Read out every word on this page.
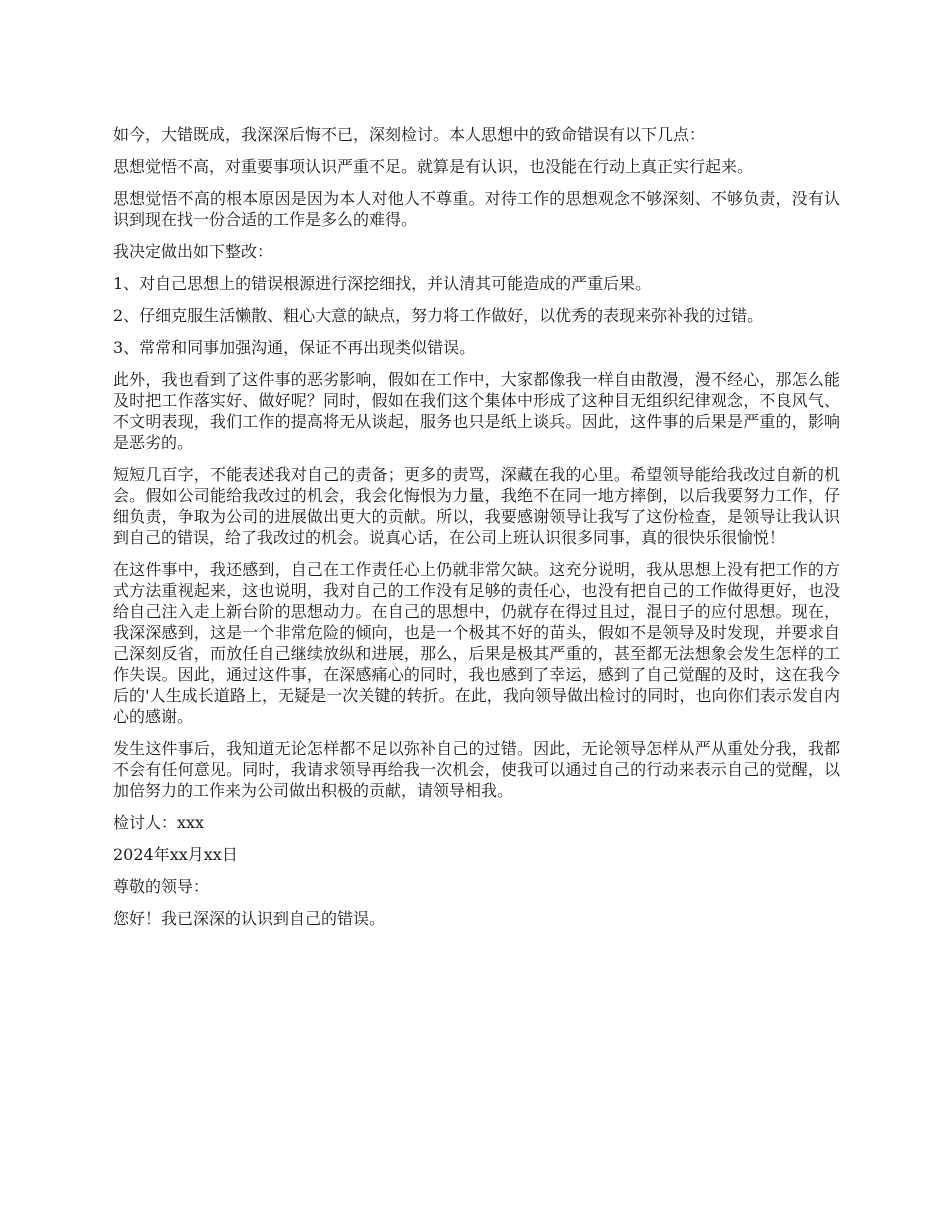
如今，大错既成，我深深后悔不已，深刻检讨。本人思想中的致命错误有以下几点：

思想觉悟不高，对重要事项认识严重不足。就算是有认识，也没能在行动上真正实行起来。

思想觉悟不高的根本原因是因为本人对他人不尊重。对待工作的思想观念不够深刻、不够负责，没有认识到现在找一份合适的工作是多么的难得。

我决定做出如下整改：

1、对自己思想上的错误根源进行深挖细找，并认清其可能造成的严重后果。

2、仔细克服生活懒散、粗心大意的缺点，努力将工作做好，以优秀的表现来弥补我的过错。

3、常常和同事加强沟通，保证不再出现类似错误。

此外，我也看到了这件事的恶劣影响，假如在工作中，大家都像我一样自由散漫，漫不经心，那怎么能及时把工作落实好、做好呢？同时，假如在我们这个集体中形成了这种目无组织纪律观念，不良风气、不文明表现，我们工作的提高将无从谈起，服务也只是纸上谈兵。因此，这件事的后果是严重的，影响是恶劣的。

短短几百字，不能表述我对自己的责备；更多的责骂，深藏在我的心里。希望领导能给我改过自新的机会。假如公司能给我改过的机会，我会化悔恨为力量，我绝不在同一地方摔倒，以后我要努力工作，仔细负责，争取为公司的进展做出更大的贡献。所以，我要感谢领导让我写了这份检查，是领导让我认识到自己的错误，给了我改过的机会。说真心话，在公司上班认识很多同事，真的很快乐很愉悦！

在这件事中，我还感到，自己在工作责任心上仍就非常欠缺。这充分说明，我从思想上没有把工作的方式方法重视起来，这也说明，我对自己的工作没有足够的责任心，也没有把自己的工作做得更好，也没给自己注入走上新台阶的思想动力。在自己的思想中，仍就存在得过且过，混日子的应付思想。现在，我深深感到，这是一个非常危险的倾向，也是一个极其不好的苗头，假如不是领导及时发现，并要求自己深刻反省，而放任自己继续放纵和进展，那么，后果是极其严重的，甚至都无法想象会发生怎样的工作失误。因此，通过这件事，在深感痛心的同时，我也感到了幸运，感到了自己觉醒的及时，这在我今后的'人生成长道路上，无疑是一次关键的转折。在此，我向领导做出检讨的同时，也向你们表示发自内心的感谢。

发生这件事后，我知道无论怎样都不足以弥补自己的过错。因此，无论领导怎样从严从重处分我，我都不会有任何意见。同时，我请求领导再给我一次机会，使我可以通过自己的行动来表示自己的觉醒，以加倍努力的工作来为公司做出积极的贡献，请领导相我。

检讨人：xxx

2024年xx月xx日

尊敬的领导：

您好！我已深深的认识到自己的错误。
